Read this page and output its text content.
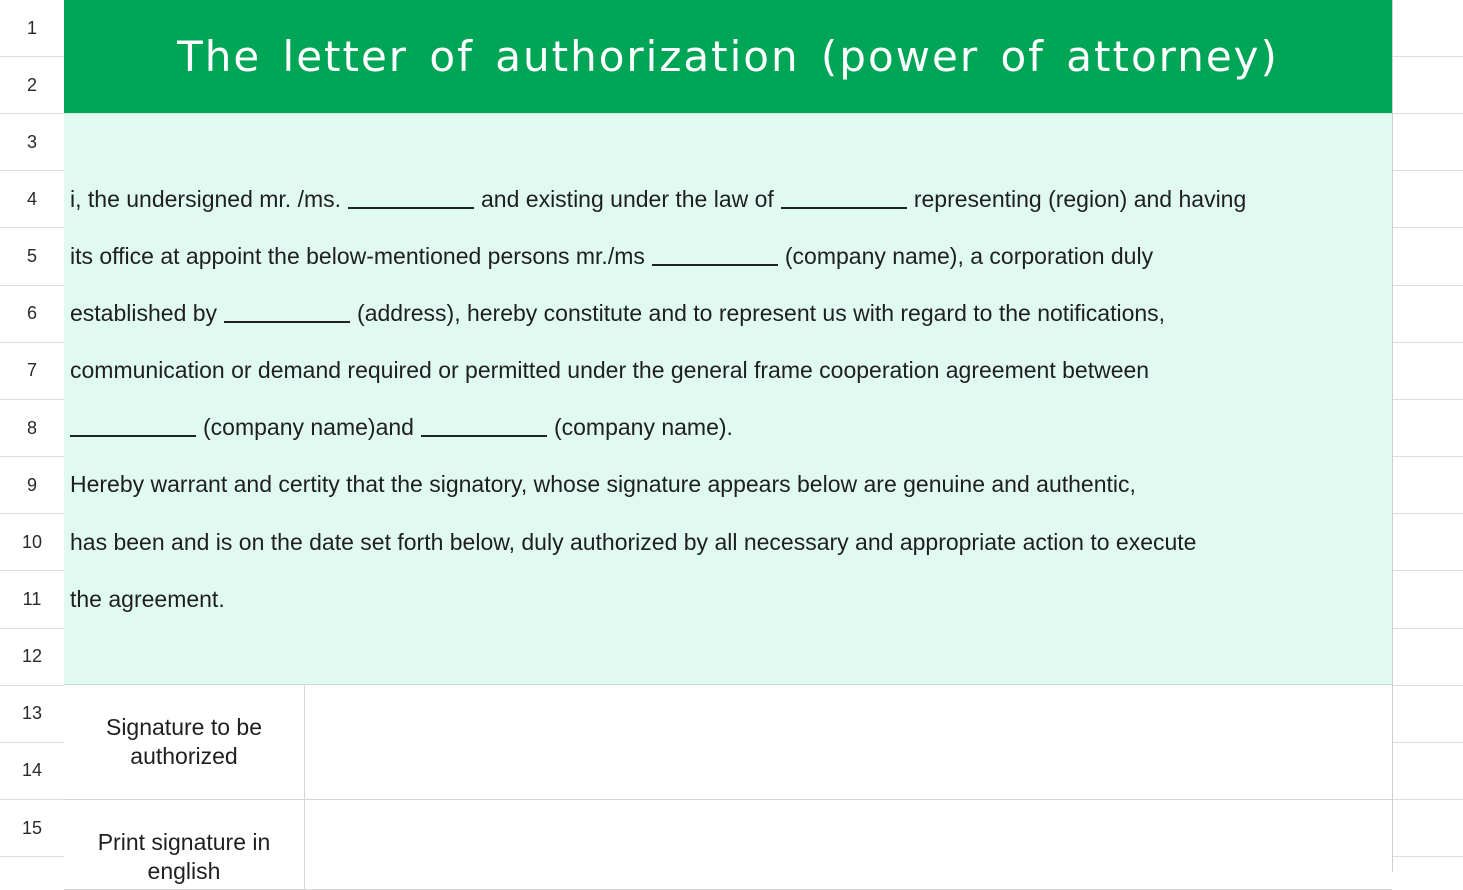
1
2
3
4
5
6
7
8
9
10
11
12
13
14
15
The letter of authorization (power of attorney)
i, the undersigned mr. /ms.	and existing under the law of	representing (region) and having
its office at appoint the below-mentioned persons mr./ms	(company name), a corporation duly
established by	(address), hereby constitute and to represent us with regard to the notifications,
communication or demand required or permitted under the general frame cooperation agreement between
(company name)and	(company name).
Hereby warrant and certity that the signatory, whose signature appears below are genuine and authentic,
has been and is on the date set forth below, duly authorized by all necessary and appropriate action to execute
the agreement.
Signature to be authorized
Print signature in english
